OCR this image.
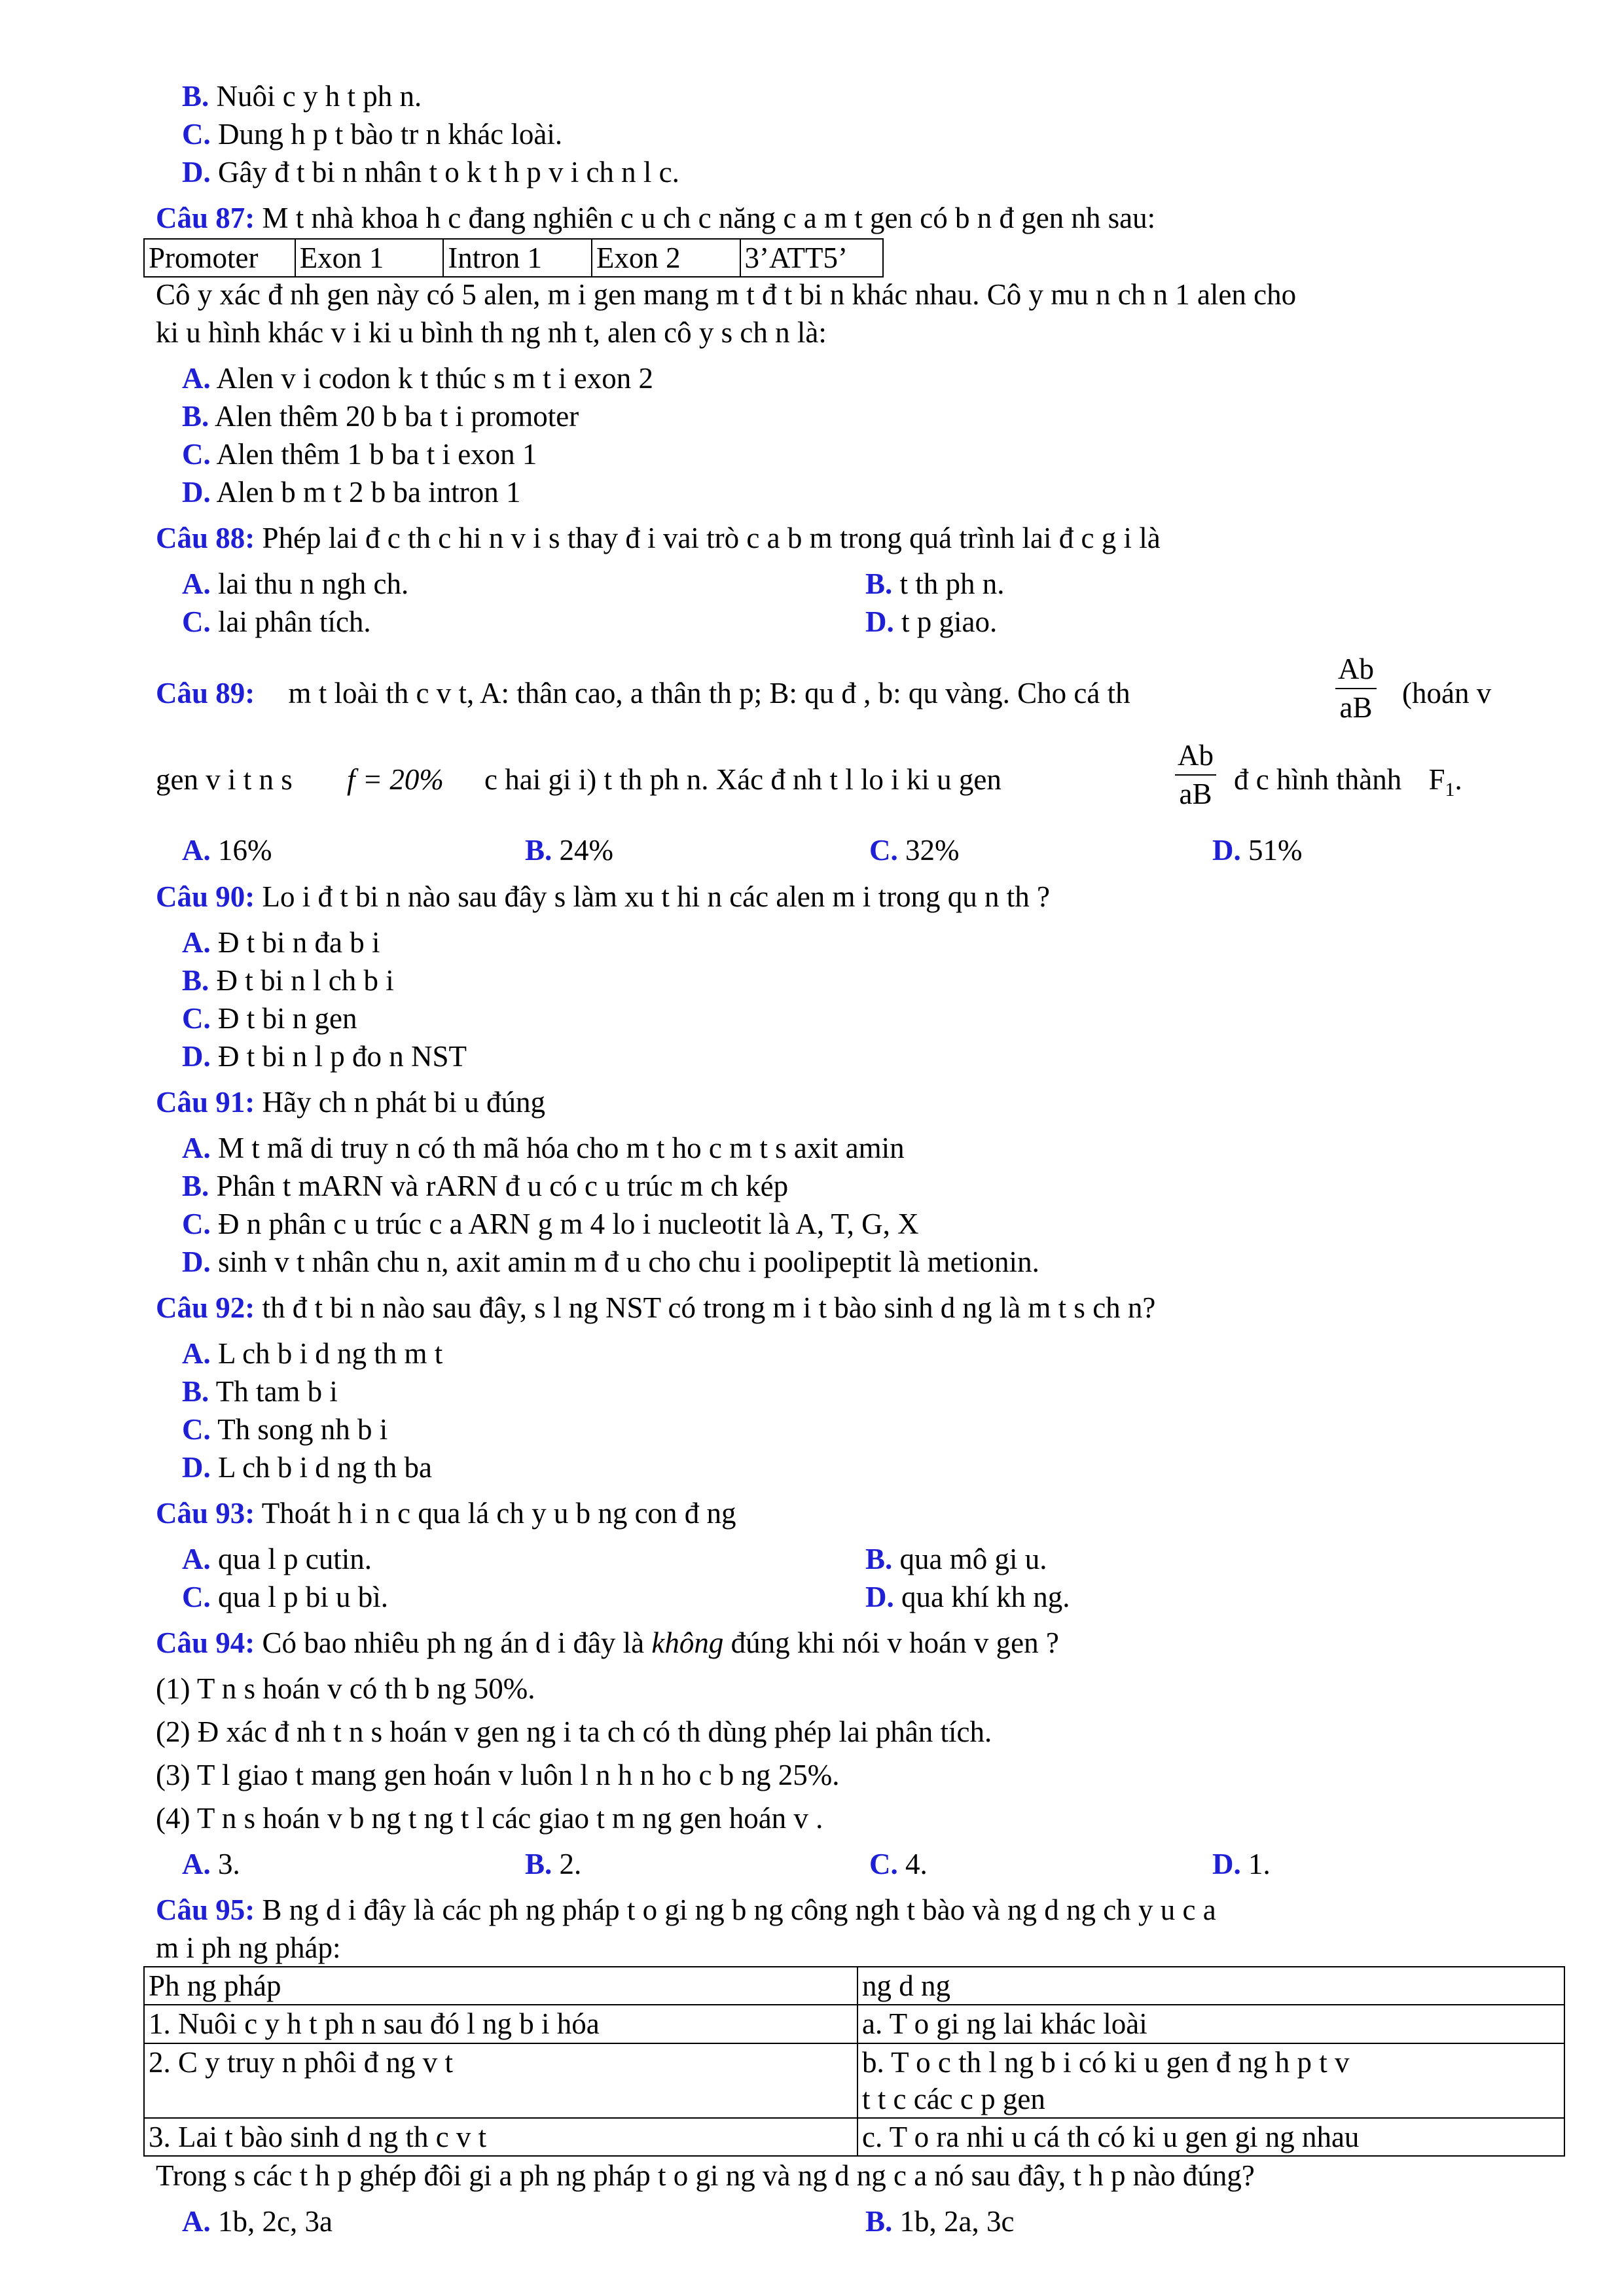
B. Nuôi c y h t ph n.
C. Dung h p t bào tr n khác loài.
D. Gây đ t bi n nhân t o k t h p v i ch n l c.
Câu 87: M t nhà khoa h c đang nghiên c u ch c năng c a m t gen có b n đ gen nh sau:
Promoter	Exon 1	Intron 1	Exon 2	3’ATT5’
Cô y xác đ nh gen này có 5 alen, m i gen mang m t đ t bi n khác nhau. Cô y mu n ch n 1 alen cho
ki u hình khác v i ki u bình th ng nh t, alen cô y s ch n là:
A. Alen v i codon k t thúc s m t i exon 2
B. Alen thêm 20 b ba t i promoter
C. Alen thêm 1 b ba t i exon 1
D. Alen b m t 2 b ba intron 1
Câu 88: Phép lai đ c th c hi n v i s thay đ i vai trò c a b m trong quá trình lai đ c g i là
A. lai thu n ngh ch.	B. t th ph n.
C. lai phân tích.	D. t p giao.
Câu 89: m t loài th c v t, A: thân cao, a thân th p; B: qu đ , b: qu vàng. Cho cá th
Ab
aB (hoán v
gen v i t n s f = 20% c hai gi i) t th ph n. Xác đ nh t l lo i ki u gen
Ab
aB đ c hình thành $F_1$.
A. 16%	B. 24%	C. 32%	D. 51%
Câu 90: Lo i đ t bi n nào sau đây s làm xu t hi n các alen m i trong qu n th ?
A. Đ t bi n đa b i
B. Đ t bi n l ch b i
C. Đ t bi n gen
D. Đ t bi n l p đo n NST
Câu 91: Hãy ch n phát bi u đúng
A. M t mã di truy n có th mã hóa cho m t ho c m t s axit amin
B. Phân t mARN và rARN đ u có c u trúc m ch kép
C. Đ n phân c u trúc c a ARN g m 4 lo i nucleotit là A, T, G, X
D. sinh v t nhân chu n, axit amin m đ u cho chu i poolipeptit là metionin.
Câu 92: th đ t bi n nào sau đây, s l ng NST có trong m i t bào sinh d ng là m t s ch n?
A. L ch b i d ng th m t
B. Th tam b i
C. Th song nh b i
D. L ch b i d ng th ba
Câu 93: Thoát h i n c qua lá ch y u b ng con đ ng
A. qua l p cutin.	B. qua mô gi u.
C. qua l p bi u bì.	D. qua khí kh ng.
Câu 94: Có bao nhiêu ph ng án d i đây là không đúng khi nói v hoán v gen ?
(1) T n s hoán v có th b ng 50%.
(2) Đ xác đ nh t n s hoán v gen ng i ta ch có th dùng phép lai phân tích.
(3) T l giao t mang gen hoán v luôn l n h n ho c b ng 25%.
(4) T n s hoán v b ng t ng t l các giao t m ng gen hoán v .
A. 3.	B. 2.	C. 4.	D. 1.
Câu 95: B ng d i đây là các ph ng pháp t o gi ng b ng công ngh t bào và ng d ng ch y u c a
m i ph ng pháp:
Ph ng pháp	ng d ng
1. Nuôi c y h t ph n sau đó l ng b i hóa	a. T o gi ng lai khác loài
2. C y truy n phôi đ ng v t	b. T o c th l ng b i có ki u gen đ ng h p t v
t t c các c p gen
3. Lai t bào sinh d ng th c v t	c. T o ra nhi u cá th có ki u gen gi ng nhau
Trong s các t h p ghép đôi gi a ph ng pháp t o gi ng và ng d ng c a nó sau đây, t h p nào đúng?
A. 1b, 2c, 3a	B. 1b, 2a, 3c
